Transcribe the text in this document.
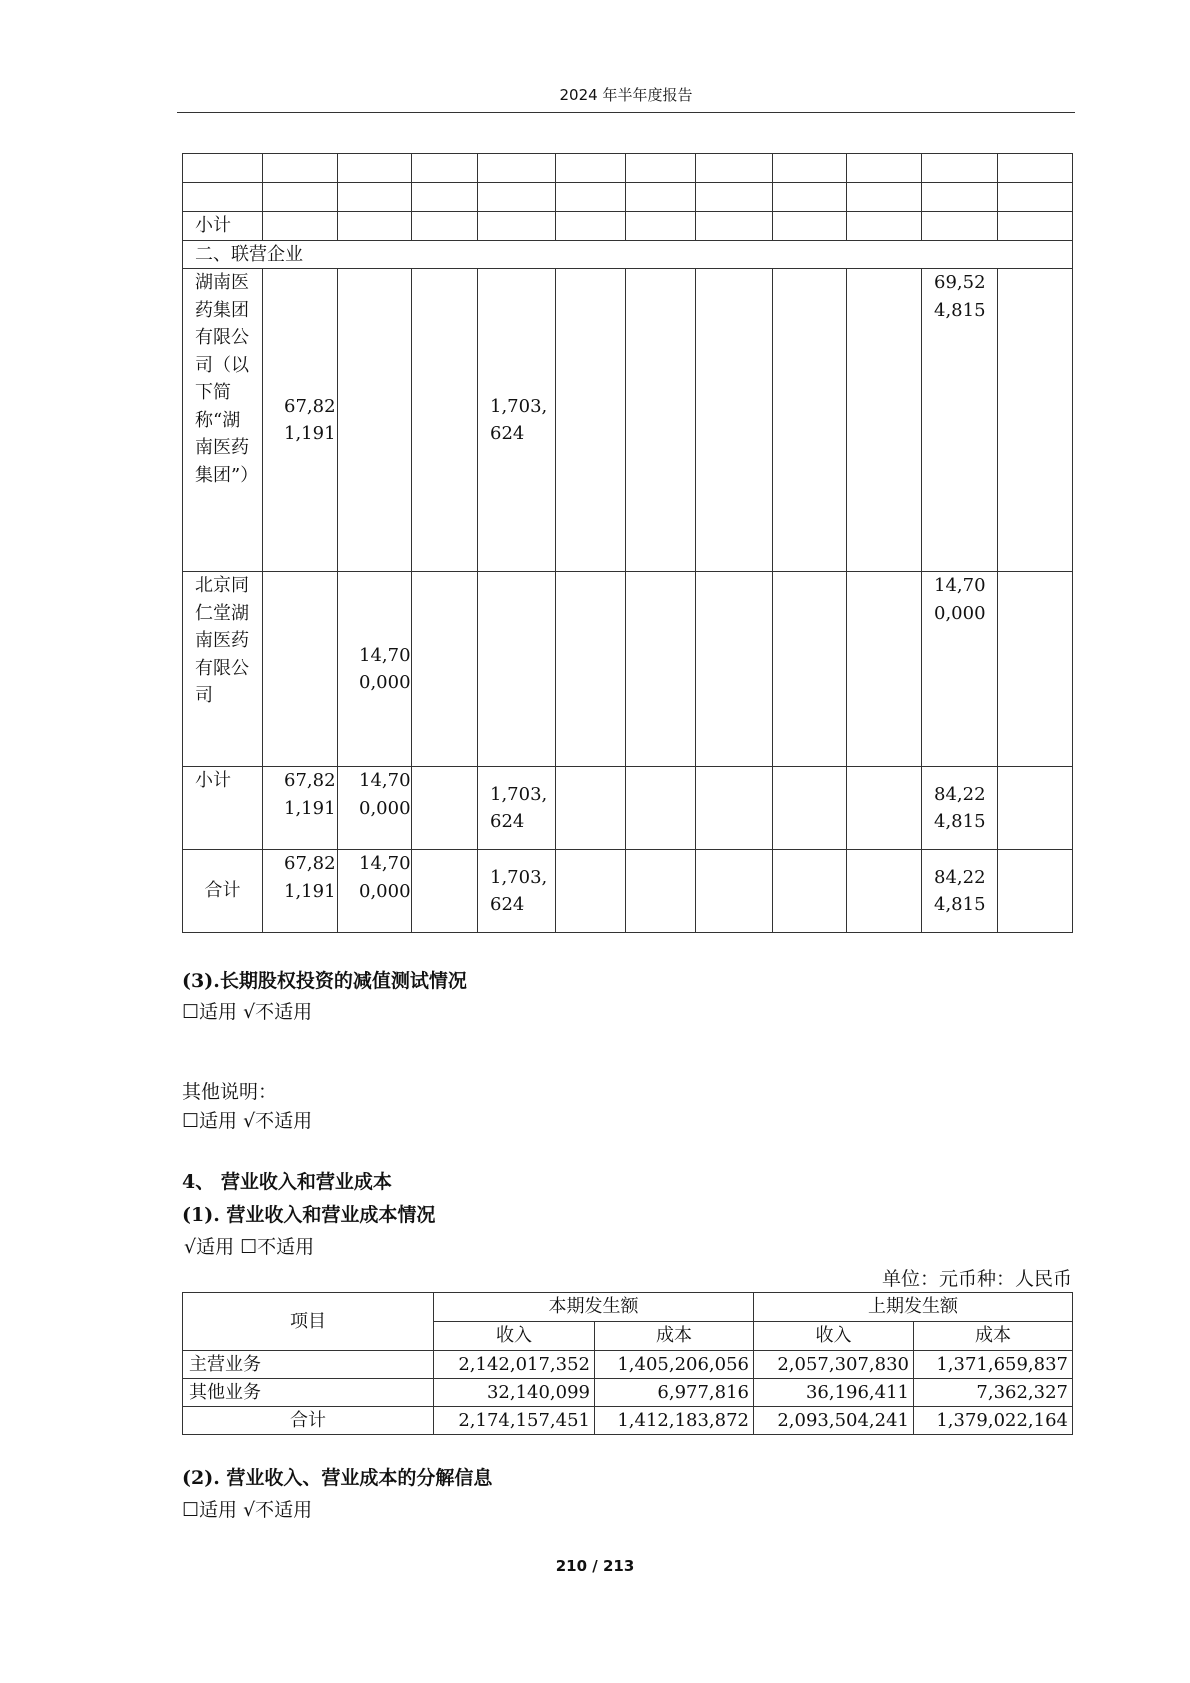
2024 年半年度报告

小计											
二、联营企业											
湖南医药集团有限公司（以下简称“湖南医药集团”）	67,821,191			1,703,624						69,524,815	
北京同仁堂湖南医药有限公司		14,700,000								14,700,000	
小计	67,821,191	14,700,000		1,703,624						84,224,815	
合计	67,821,191	14,700,000		1,703,624						84,224,815	
(3).长期股权投资的减值测试情况
☐适用 √不适用
其他说明：
☐适用 √不适用
4、 营业收入和营业成本
(1). 营业收入和营业成本情况
√适用 ☐不适用
单位：元币种：人民币
项目	本期发生额		上期发生额	
	收入	成本	收入	成本
主营业务	2,142,017,352	1,405,206,056	2,057,307,830	1,371,659,837
其他业务	32,140,099	6,977,816	36,196,411	7,362,327
合计	2,174,157,451	1,412,183,872	2,093,504,241	1,379,022,164
(2). 营业收入、营业成本的分解信息
☐适用 √不适用
210 / 213
